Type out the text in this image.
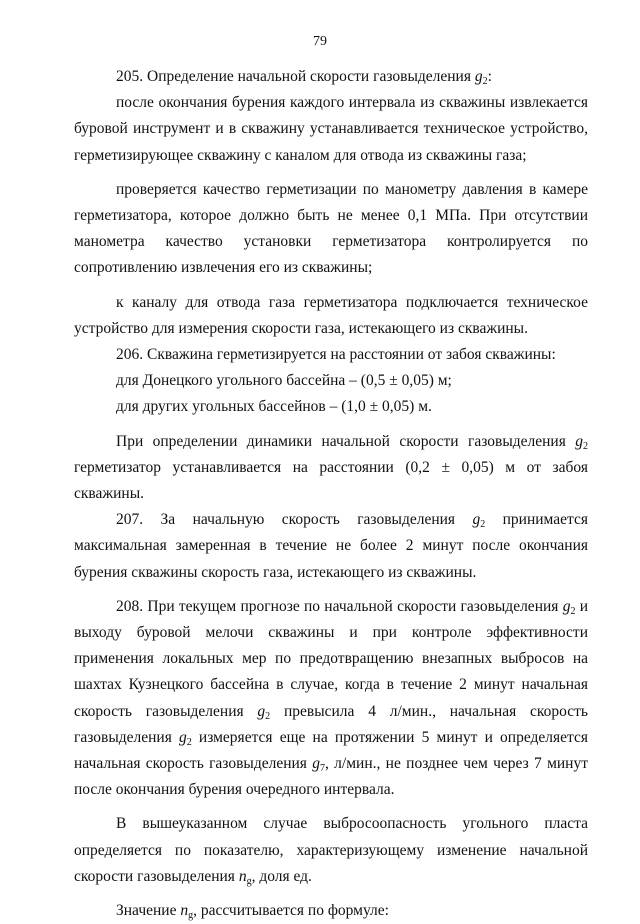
79

205. Определение начальной скорости газовыделения $g_2$:

после окончания бурения каждого интервала из скважины извлекается буровой инструмент и в скважину устанавливается техническое устройство, герметизирующее скважину с каналом для отвода из скважины газа;

проверяется качество герметизации по манометру давления в камере герметизатора, которое должно быть не менее 0,1 МПа. При отсутствии манометра качество установки герметизатора контролируется по сопротивлению извлечения его из скважины;

к каналу для отвода газа герметизатора подключается техническое устройство для измерения скорости газа, истекающего из скважины.

206. Скважина герметизируется на расстоянии от забоя скважины:

для Донецкого угольного бассейна – (0,5 ± 0,05) м;

для других угольных бассейнов – (1,0 ± 0,05) м.

При определении динамики начальной скорости газовыделения $g_2$ герметизатор устанавливается на расстоянии (0,2 ± 0,05) м от забоя скважины.

207. За начальную скорость газовыделения $g_2$ принимается максимальная замеренная в течение не более 2 минут после окончания бурения скважины скорость газа, истекающего из скважины.

208. При текущем прогнозе по начальной скорости газовыделения $g_2$ и выходу буровой мелочи скважины и при контроле эффективности применения локальных мер по предотвращению внезапных выбросов на шахтах Кузнецкого бассейна в случае, когда в течение 2 минут начальная скорость газовыделения $g_2$ превысила 4 л/мин., начальная скорость газовыделения $g_2$ измеряется еще на протяжении 5 минут и определяется начальная скорость газовыделения $g_7$, л/мин., не позднее чем через 7 минут после окончания бурения очередного интервала.

В вышеуказанном случае выбросоопасность угольного пласта определяется по показателю, характеризующему изменение начальной скорости газовыделения $n_g$, доля ед.

Значение $n_g$, рассчитывается по формуле:
